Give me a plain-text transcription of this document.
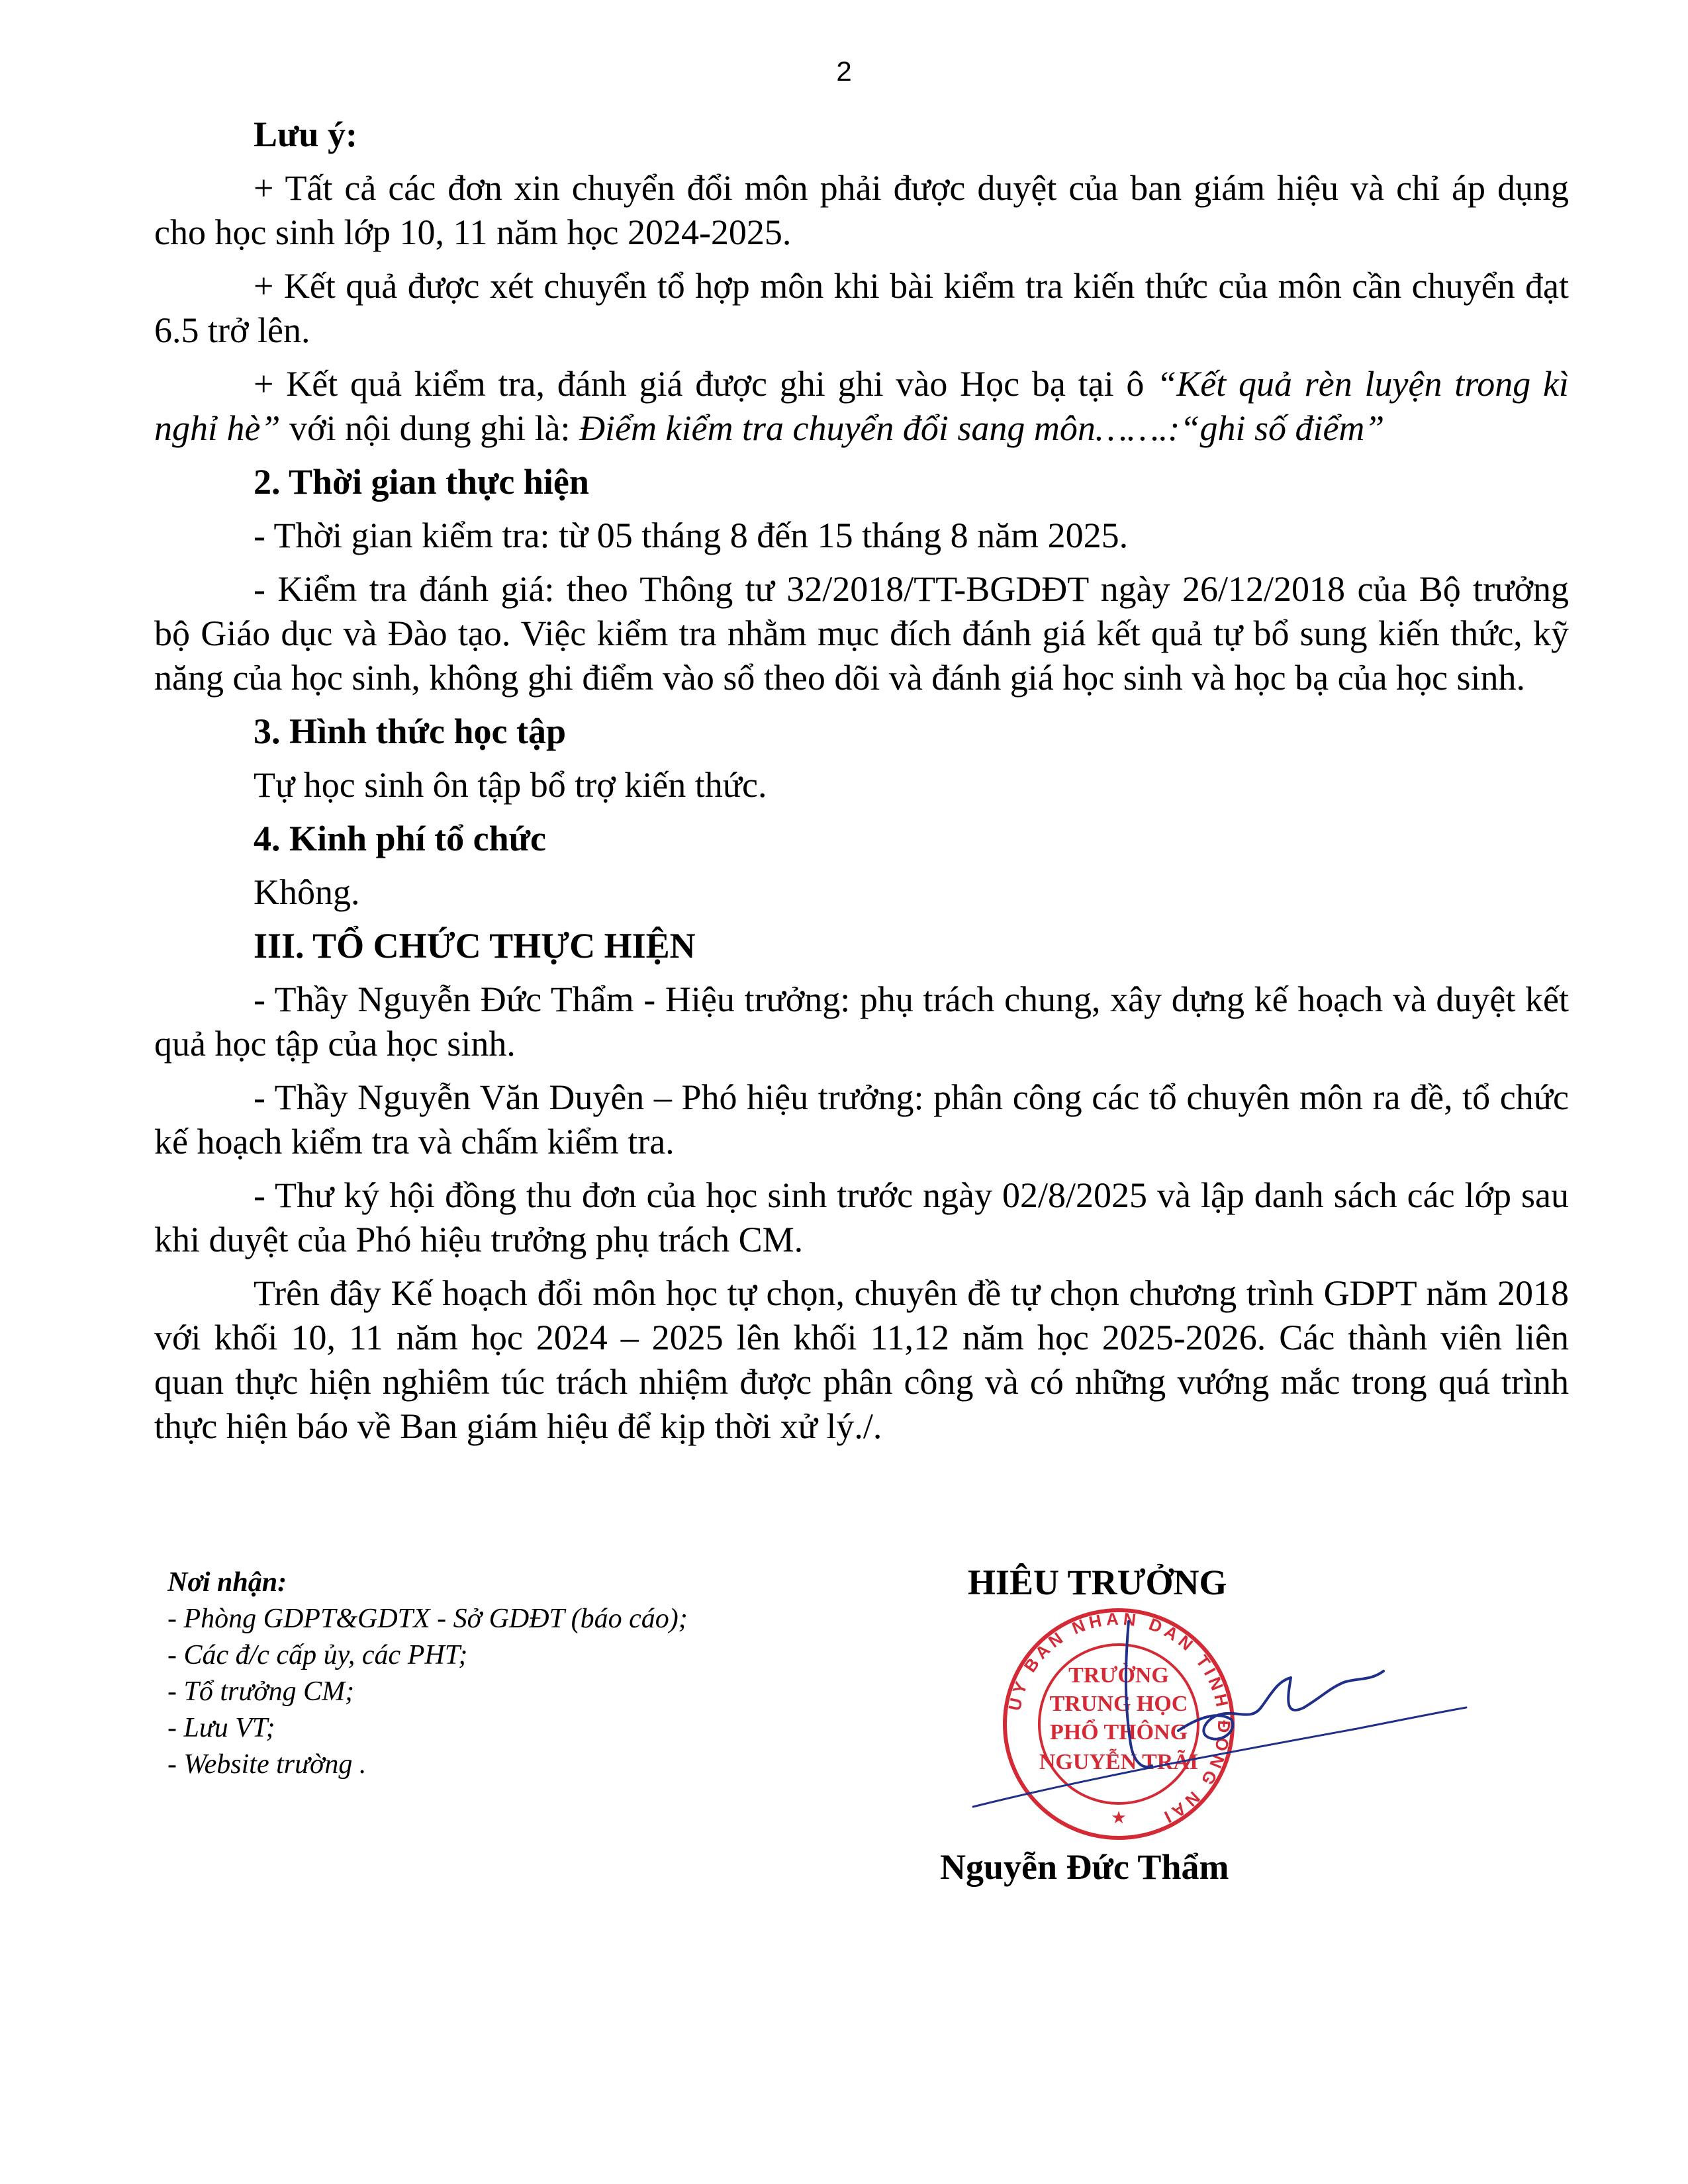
2

Lưu ý:

+ Tất cả các đơn xin chuyển đổi môn phải được duyệt của ban giám hiệu và chỉ áp dụng cho học sinh lớp 10, 11 năm học 2024-2025.

+ Kết quả được xét chuyển tổ hợp môn khi bài kiểm tra kiến thức của môn cần chuyển đạt 6.5 trở lên.

+ Kết quả kiểm tra, đánh giá được ghi ghi vào Học bạ tại ô “Kết quả rèn luyện trong kì nghỉ hè” với nội dung ghi là: Điểm kiểm tra chuyển đổi sang môn…….:“ghi số điểm”

2. Thời gian thực hiện

- Thời gian kiểm tra: từ 05 tháng 8 đến 15 tháng 8 năm 2025.

- Kiểm tra đánh giá: theo Thông tư 32/2018/TT-BGDĐT ngày 26/12/2018 của Bộ trưởng bộ Giáo dục và Đào tạo. Việc kiểm tra nhằm mục đích đánh giá kết quả tự bổ sung kiến thức, kỹ năng của học sinh, không ghi điểm vào sổ theo dõi và đánh giá học sinh và học bạ của học sinh.

3. Hình thức học tập

Tự học sinh ôn tập bổ trợ kiến thức.

4. Kinh phí tổ chức

Không.

III. TỔ CHỨC THỰC HIỆN

- Thầy Nguyễn Đức Thẩm - Hiệu trưởng: phụ trách chung, xây dựng kế hoạch và duyệt kết quả học tập của học sinh.

- Thầy Nguyễn Văn Duyên – Phó hiệu trưởng: phân công các tổ chuyên môn ra đề, tổ chức kế hoạch kiểm tra và chấm kiểm tra.

- Thư ký hội đồng thu đơn của học sinh trước ngày 02/8/2025 và lập danh sách các lớp sau khi duyệt của Phó hiệu trưởng phụ trách CM.

Trên đây Kế hoạch đổi môn học tự chọn, chuyên đề tự chọn chương trình GDPT năm 2018 với khối 10, 11 năm học 2024 – 2025 lên khối 11,12 năm học 2025-2026. Các thành viên liên quan thực hiện nghiêm túc trách nhiệm được phân công và có những vướng mắc trong quá trình thực hiện báo về Ban giám hiệu để kịp thời xử lý./.

Nơi nhận:
- Phòng GDPT&GDTX - Sở GDĐT (báo cáo);
- Các đ/c cấp ủy, các PHT;
- Tổ trưởng CM;
- Lưu VT;
- Website trường .
HIÊU TRƯỞNG
ỦY BAN NHÂN DÂN TỈNH ĐỒNG NAI
TRƯỜNG
TRUNG HỌC
PHỔ THÔNG
NGUYỄN TRÃI
★
Nguyễn Đức Thẩm
